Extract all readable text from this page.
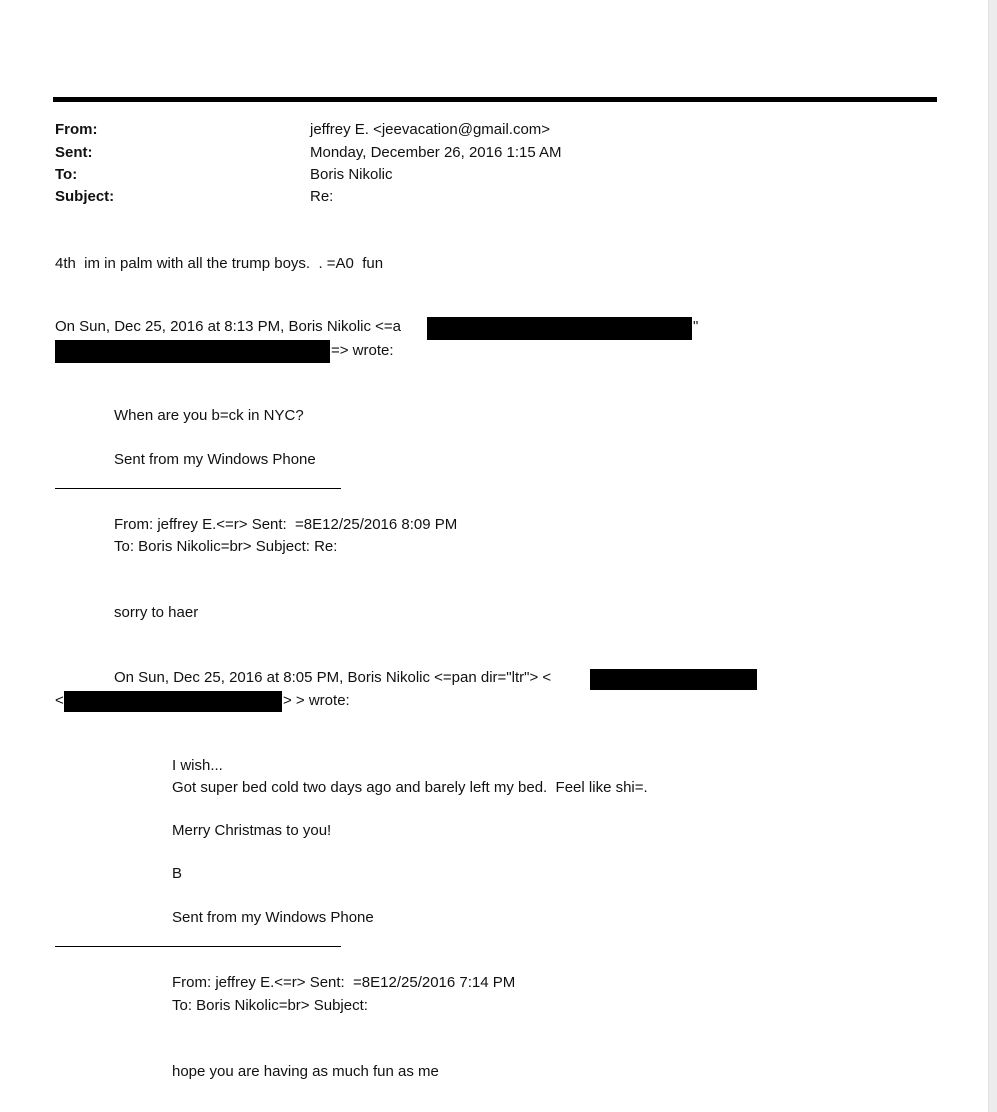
From:
Sent:
To:
Subject:
jeffrey E. <jeevacation@gmail.com>
Monday, December 26, 2016 1:15 AM
Boris Nikolic
Re:
4th  im in palm with all the trump boys.  . =A0  fun
On Sun, Dec 25, 2016 at 8:13 PM, Boris Nikolic <=a	"
=> wrote:
When are you b=ck in NYC?
Sent from my Windows Phone
From: jeffrey E.<=r> Sent:  =8E12/25/2016 8:09 PM
To: Boris Nikolic=br> Subject: Re:
sorry to haer
On Sun, Dec 25, 2016 at 8:05 PM, Boris Nikolic <=pan dir="ltr"> <
<	> > wrote:
I wish...
Got super bed cold two days ago and barely left my bed.  Feel like shi=.
Merry Christmas to you!
B
Sent from my Windows Phone
From: jeffrey E.<=r> Sent:  =8E12/25/2016 7:14 PM
To: Boris Nikolic=br> Subject:
hope you are having as much fun as me
